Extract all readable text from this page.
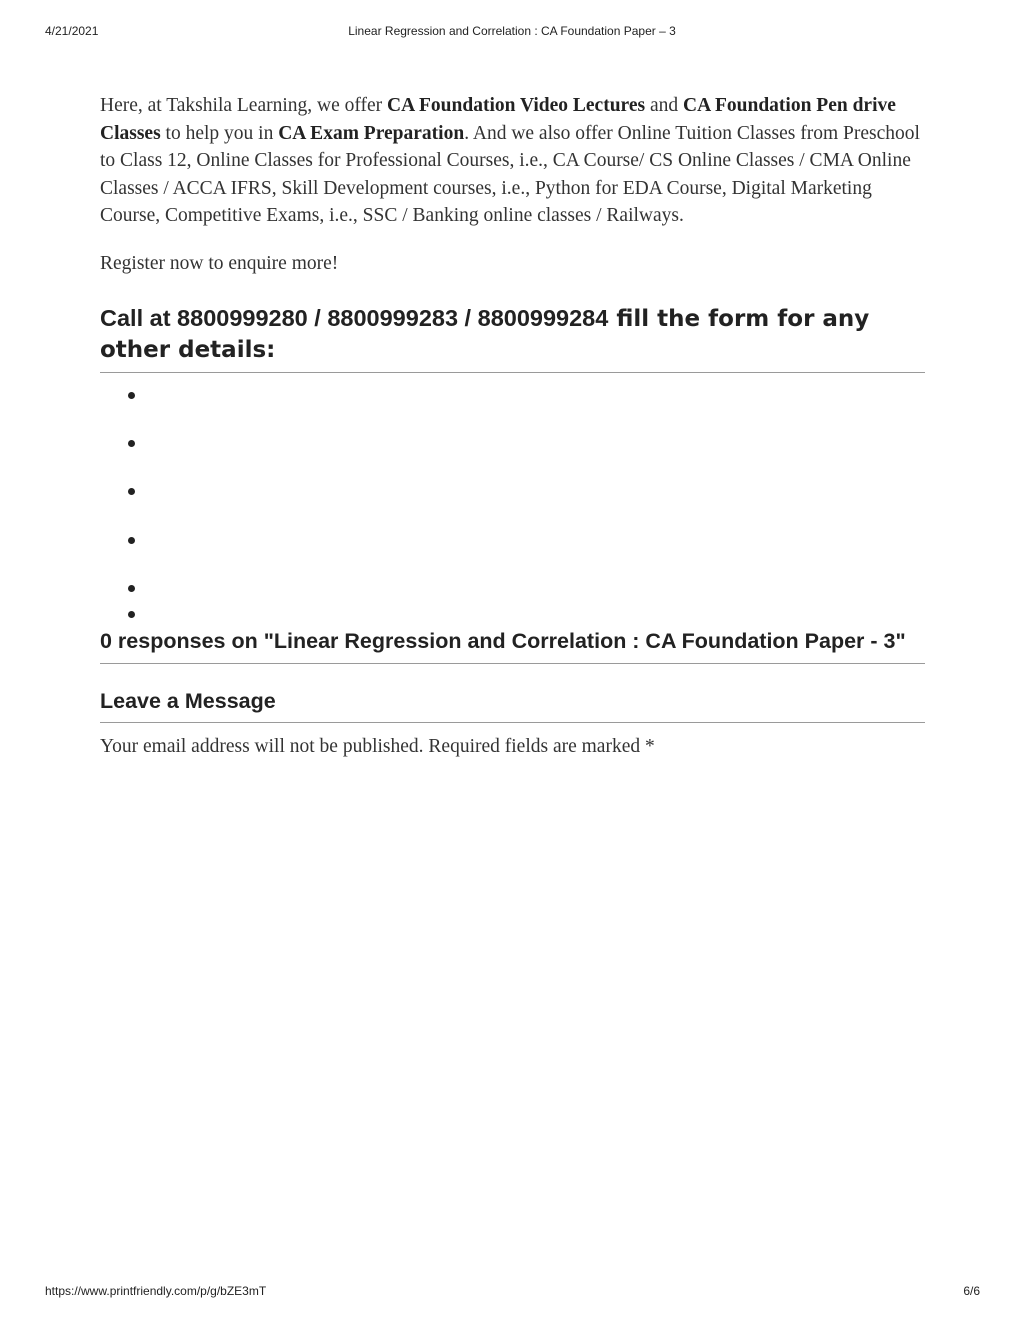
4/21/2021	Linear Regression and Correlation : CA Foundation Paper – 3

Here, at Takshila Learning, we offer CA Foundation Video Lectures and CA Foundation Pen drive Classes to help you in CA Exam Preparation. And we also offer Online Tuition Classes from Preschool to Class 12, Online Classes for Professional Courses, i.e., CA Course/ CS Online Classes / CMA Online Classes / ACCA IFRS, Skill Development courses, i.e., Python for EDA Course, Digital Marketing Course, Competitive Exams, i.e., SSC / Banking online classes / Railways.

Register now to enquire more!

Call at 8800999280 / 8800999283 / 8800999284 fill the form for any other details:
0 responses on "Linear Regression and Correlation : CA Foundation Paper - 3"
Leave a Message

Your email address will not be published. Required fields are marked *

https://www.printfriendly.com/p/g/bZE3mT	6/6
